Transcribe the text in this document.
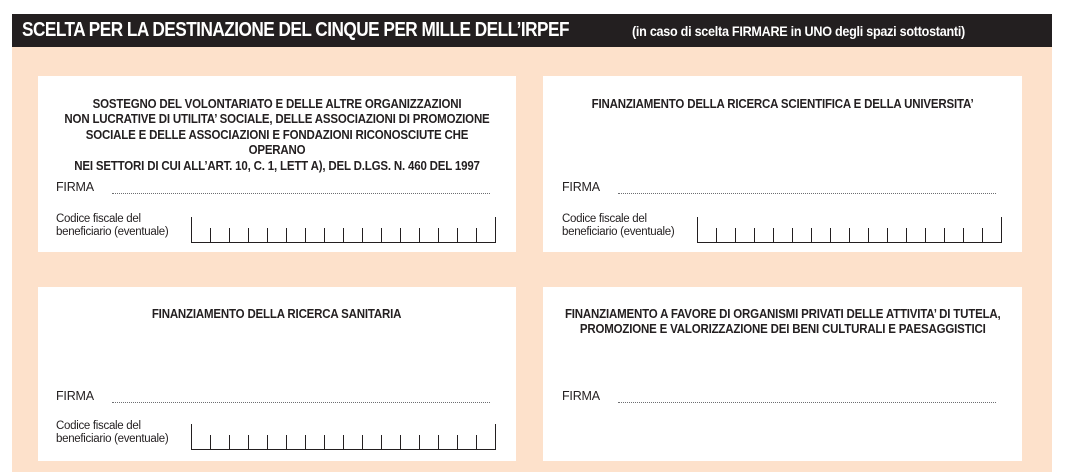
SCELTA PER LA DESTINAZIONE DEL CINQUE PER MILLE DELL’IRPEF	(in caso di scelta FIRMARE in UNO degli spazi sottostanti)

SOSTEGNO DEL VOLONTARIATO E DELLE ALTRE ORGANIZZAZIONI
NON LUCRATIVE DI UTILITA’ SOCIALE, DELLE ASSOCIAZIONI DI PROMOZIONE
SOCIALE E DELLE ASSOCIAZIONI E FONDAZIONI RICONOSCIUTE CHE OPERANO
NEI SETTORI DI CUI ALL’ART. 10, C. 1, LETT A), DEL D.LGS. N. 460 DEL 1997

FIRMA
Codice fiscale del
beneficiario (eventuale)

FINANZIAMENTO DELLA RICERCA SCIENTIFICA E DELLA UNIVERSITA’

FIRMA
Codice fiscale del
beneficiario (eventuale)

FINANZIAMENTO DELLA RICERCA SANITARIA

FIRMA
Codice fiscale del
beneficiario (eventuale)

FINANZIAMENTO A FAVORE DI ORGANISMI PRIVATI DELLE ATTIVITA’ DI TUTELA,
PROMOZIONE E VALORIZZAZIONE DEI BENI CULTURALI E PAESAGGISTICI

FIRMA
